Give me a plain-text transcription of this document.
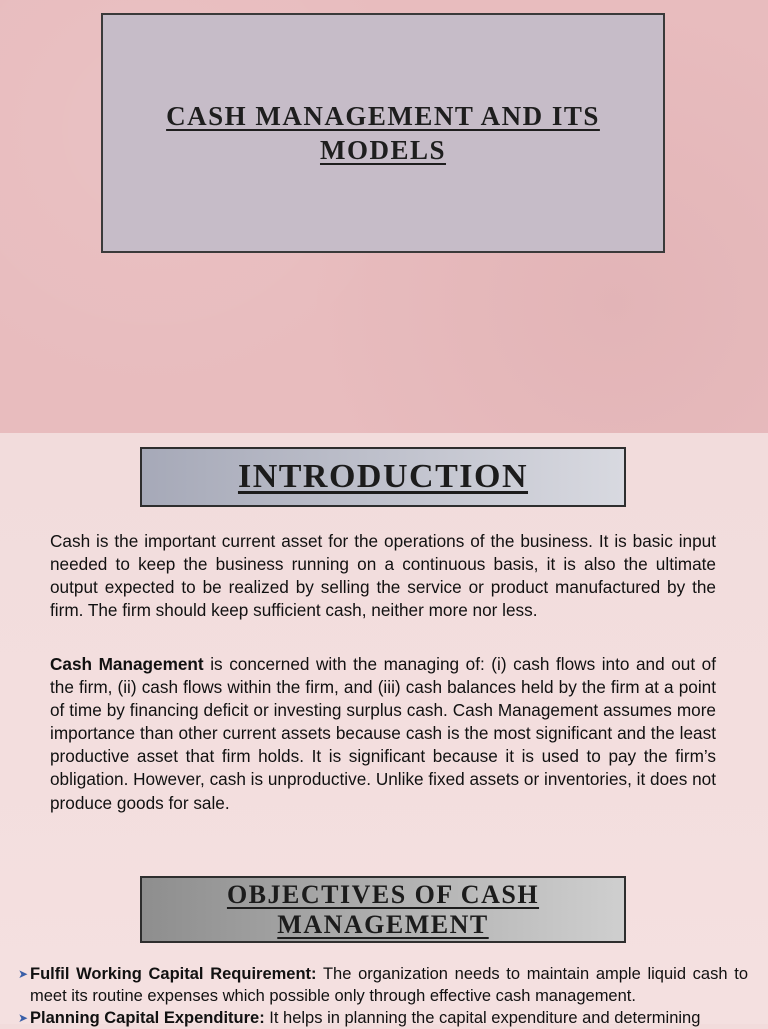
CASH MANAGEMENT AND ITS MODELS
INTRODUCTION

Cash is the important current asset for the operations of the business. It is basic input needed to keep the business running on a continuous basis, it is also the ultimate output expected to be realized by selling the service or product manufactured by the firm. The firm should keep sufficient cash, neither more nor less.

Cash Management is concerned with the managing of: (i) cash flows into and out of the firm, (ii) cash flows within the firm, and (iii) cash balances held by the firm at a point of time by financing deficit or investing surplus cash. Cash Management assumes more importance than other current assets because cash is the most significant and the least productive asset that firm holds. It is significant because it is used to pay the firm’s obligation. However, cash is unproductive. Unlike fixed assets or inventories, it does not produce goods for sale.

OBJECTIVES OF CASH MANAGEMENT
➤ Fulfil Working Capital Requirement: The organization needs to maintain ample liquid cash to meet its routine expenses which possible only through effective cash management.
➤ Planning Capital Expenditure: It helps in planning the capital expenditure and determining
